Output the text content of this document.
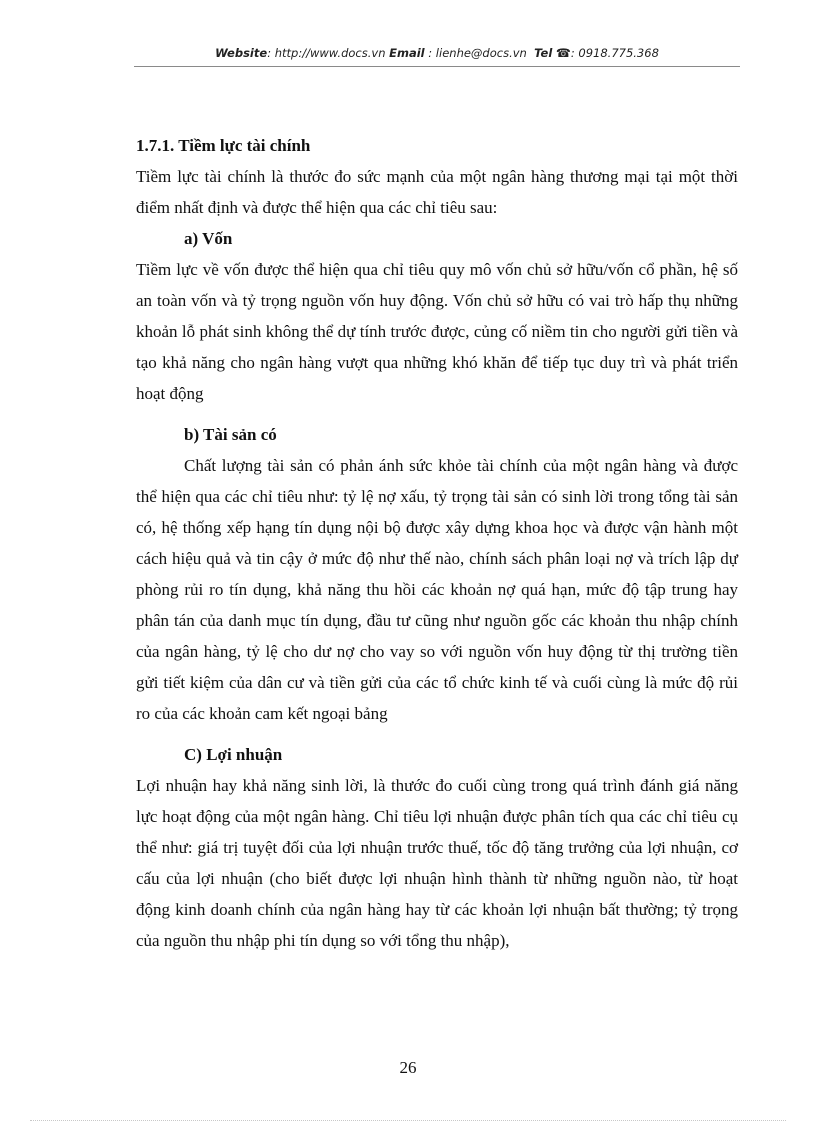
Website: http://www.docs.vn Email : lienhe@docs.vn Tel ☎: 0918.775.368

1.7.1. Tiềm lực tài chính

Tiềm lực tài chính là thước đo sức mạnh của một ngân hàng thương mại tại một thời điểm nhất định và được thể hiện qua các chỉ tiêu sau:

a) Vốn

Tiềm lực về vốn được thể hiện qua chỉ tiêu quy mô vốn chủ sở hữu/vốn cổ phần, hệ số an toàn vốn và tỷ trọng nguồn vốn huy động. Vốn chủ sở hữu có vai trò hấp thụ những khoản lỗ phát sinh không thể dự tính trước được, củng cố niềm tin cho người gửi tiền và tạo khả năng cho ngân hàng vượt qua những khó khăn để tiếp tục duy trì và phát triển hoạt động

b) Tài sản có

Chất lượng tài sản có phản ánh sức khỏe tài chính của một ngân hàng và được thể hiện qua các chỉ tiêu như: tỷ lệ nợ xấu, tỷ trọng tài sản có sinh lời trong tổng tài sản có, hệ thống xếp hạng tín dụng nội bộ được xây dựng khoa học và được vận hành một cách hiệu quả và tin cậy ở mức độ như thế nào, chính sách phân loại nợ và trích lập dự phòng rủi ro tín dụng, khả năng thu hồi các khoản nợ quá hạn, mức độ tập trung hay phân tán của danh mục tín dụng, đầu tư cũng như nguồn gốc các khoản thu nhập chính của ngân hàng, tỷ lệ cho dư nợ cho vay so với nguồn vốn huy động từ thị trường tiền gửi tiết kiệm của dân cư và tiền gửi của các tổ chức kinh tế và cuối cùng là mức độ rủi ro của các khoản cam kết ngoại bảng

C) Lợi nhuận

Lợi nhuận hay khả năng sinh lời, là thước đo cuối cùng trong quá trình đánh giá năng lực hoạt động của một ngân hàng. Chỉ tiêu lợi nhuận được phân tích qua các chỉ tiêu cụ thể như: giá trị tuyệt đối của lợi nhuận trước thuế, tốc độ tăng trưởng của lợi nhuận, cơ cấu của lợi nhuận (cho biết được lợi nhuận hình thành từ những nguồn nào, từ hoạt động kinh doanh chính của ngân hàng hay từ các khoản lợi nhuận bất thường; tỷ trọng của nguồn thu nhập phi tín dụng so với tổng thu nhập),

26
